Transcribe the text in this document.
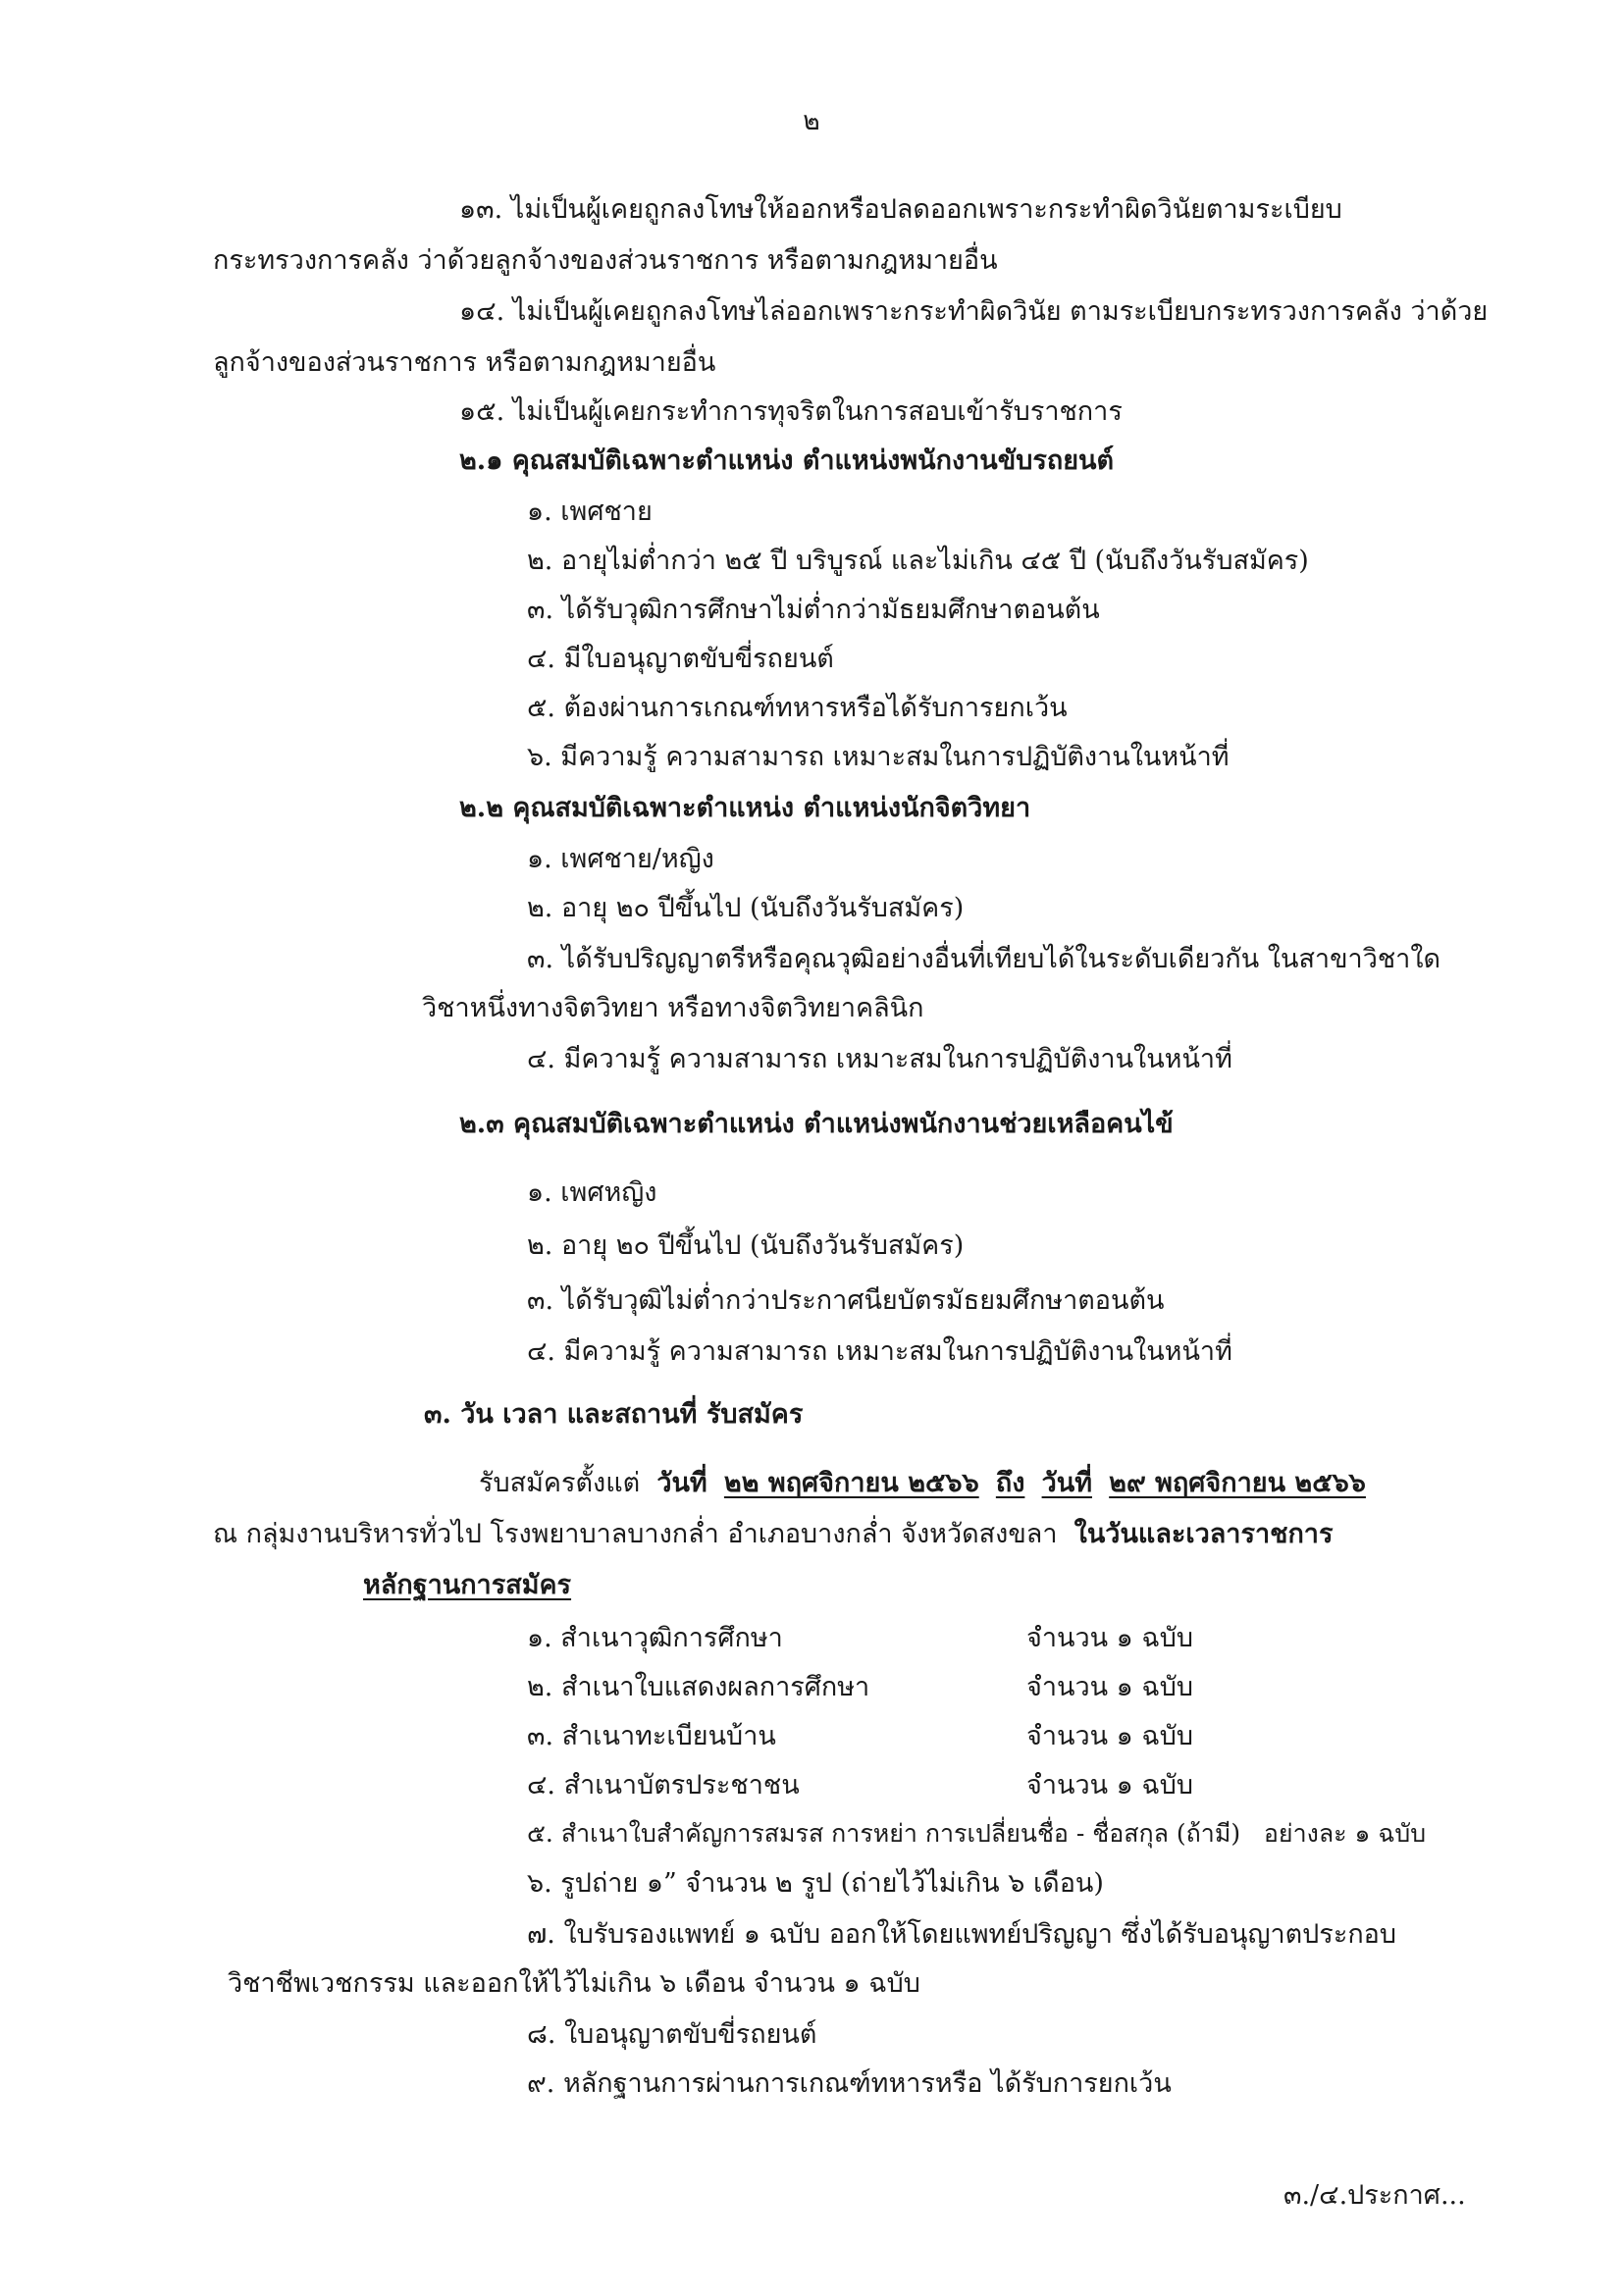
๒
๑๓. ไม่เป็นผู้เคยถูกลงโทษให้ออกหรือปลดออกเพราะกระทำผิดวินัยตามระเบียบ
กระทรวงการคลัง ว่าด้วยลูกจ้างของส่วนราชการ หรือตามกฎหมายอื่น
๑๔. ไม่เป็นผู้เคยถูกลงโทษไล่ออกเพราะกระทำผิดวินัย ตามระเบียบกระทรวงการคลัง ว่าด้วย
ลูกจ้างของส่วนราชการ หรือตามกฎหมายอื่น
๑๕. ไม่เป็นผู้เคยกระทำการทุจริตในการสอบเข้ารับราชการ
๒.๑ คุณสมบัติเฉพาะตำแหน่ง ตำแหน่งพนักงานขับรถยนต์
๑. เพศชาย
๒. อายุไม่ต่ำกว่า ๒๕ ปี บริบูรณ์ และไม่เกิน ๔๕ ปี (นับถึงวันรับสมัคร)
๓. ได้รับวุฒิการศึกษาไม่ต่ำกว่ามัธยมศึกษาตอนต้น
๔. มีใบอนุญาตขับขี่รถยนต์
๕. ต้องผ่านการเกณฑ์ทหารหรือได้รับการยกเว้น
๖. มีความรู้ ความสามารถ เหมาะสมในการปฏิบัติงานในหน้าที่
๒.๒ คุณสมบัติเฉพาะตำแหน่ง ตำแหน่งนักจิตวิทยา
๑. เพศชาย/หญิง
๒. อายุ ๒๐ ปีขึ้นไป (นับถึงวันรับสมัคร)
๓. ได้รับปริญญาตรีหรือคุณวุฒิอย่างอื่นที่เทียบได้ในระดับเดียวกัน ในสาขาวิชาใด
วิชาหนึ่งทางจิตวิทยา หรือทางจิตวิทยาคลินิก
๔. มีความรู้ ความสามารถ เหมาะสมในการปฏิบัติงานในหน้าที่
๒.๓ คุณสมบัติเฉพาะตำแหน่ง ตำแหน่งพนักงานช่วยเหลือคนไข้
๑. เพศหญิง
๒. อายุ ๒๐ ปีขึ้นไป (นับถึงวันรับสมัคร)
๓. ได้รับวุฒิไม่ต่ำกว่าประกาศนียบัตรมัธยมศึกษาตอนต้น
๔. มีความรู้ ความสามารถ เหมาะสมในการปฏิบัติงานในหน้าที่
๓. วัน เวลา และสถานที่ รับสมัคร
รับสมัครตั้งแต่ วันที่ ๒๒ พฤศจิกายน ๒๕๖๖ ถึง วันที่ ๒๙ พฤศจิกายน ๒๕๖๖
ณ กลุ่มงานบริหารทั่วไป โรงพยาบาลบางกล่ำ อำเภอบางกล่ำ จังหวัดสงขลา ในวันและเวลาราชการ
หลักฐานการสมัคร
๑. สำเนาวุฒิการศึกษา	จำนวน ๑ ฉบับ
๒. สำเนาใบแสดงผลการศึกษา	จำนวน ๑ ฉบับ
๓. สำเนาทะเบียนบ้าน	จำนวน ๑ ฉบับ
๔. สำเนาบัตรประชาชน	จำนวน ๑ ฉบับ
๕. สำเนาใบสำคัญการสมรส การหย่า การเปลี่ยนชื่อ - ชื่อสกุล (ถ้ามี) อย่างละ ๑ ฉบับ
๖. รูปถ่าย ๑” จำนวน ๒ รูป (ถ่ายไว้ไม่เกิน ๖ เดือน)
๗. ใบรับรองแพทย์ ๑ ฉบับ ออกให้โดยแพทย์ปริญญา ซึ่งได้รับอนุญาตประกอบ
วิชาชีพเวชกรรม และออกให้ไว้ไม่เกิน ๖ เดือน จำนวน ๑ ฉบับ
๘. ใบอนุญาตขับขี่รถยนต์
๙. หลักฐานการผ่านการเกณฑ์ทหารหรือ ได้รับการยกเว้น
๓./๔.ประกาศ...
